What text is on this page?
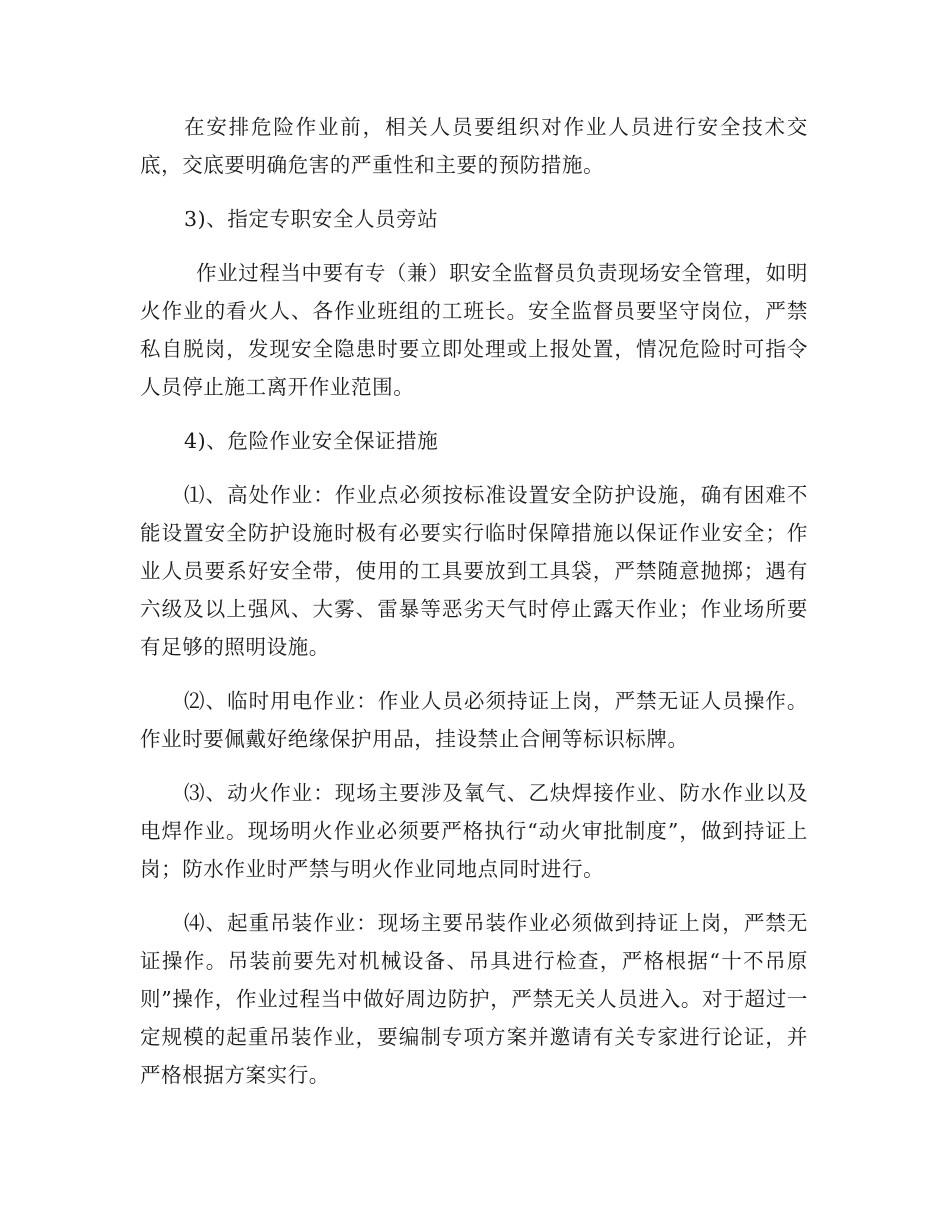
在安排危险作业前，相关人员要组织对作业人员进行安全技术交底，交底要明确危害的严重性和主要的预防措施。

3)、指定专职安全人员旁站

作业过程当中要有专（兼）职安全监督员负责现场安全管理，如明火作业的看火人、各作业班组的工班长。安全监督员要坚守岗位，严禁私自脱岗，发现安全隐患时要立即处理或上报处置，情况危险时可指令人员停止施工离开作业范围。

4)、危险作业安全保证措施

⑴、高处作业：作业点必须按标准设置安全防护设施，确有困难不能设置安全防护设施时极有必要实行临时保障措施以保证作业安全；作业人员要系好安全带，使用的工具要放到工具袋，严禁随意抛掷；遇有六级及以上强风、大雾、雷暴等恶劣天气时停止露天作业；作业场所要有足够的照明设施。

⑵、临时用电作业：作业人员必须持证上岗，严禁无证人员操作。作业时要佩戴好绝缘保护用品，挂设禁止合闸等标识标牌。

⑶、动火作业：现场主要涉及氧气、乙炔焊接作业、防水作业以及电焊作业。现场明火作业必须要严格执行“动火审批制度”，做到持证上岗；防水作业时严禁与明火作业同地点同时进行。

⑷、起重吊装作业：现场主要吊装作业必须做到持证上岗，严禁无证操作。吊装前要先对机械设备、吊具进行检查，严格根据“十不吊原则”操作，作业过程当中做好周边防护，严禁无关人员进入。对于超过一定规模的起重吊装作业，要编制专项方案并邀请有关专家进行论证，并严格根据方案实行。
